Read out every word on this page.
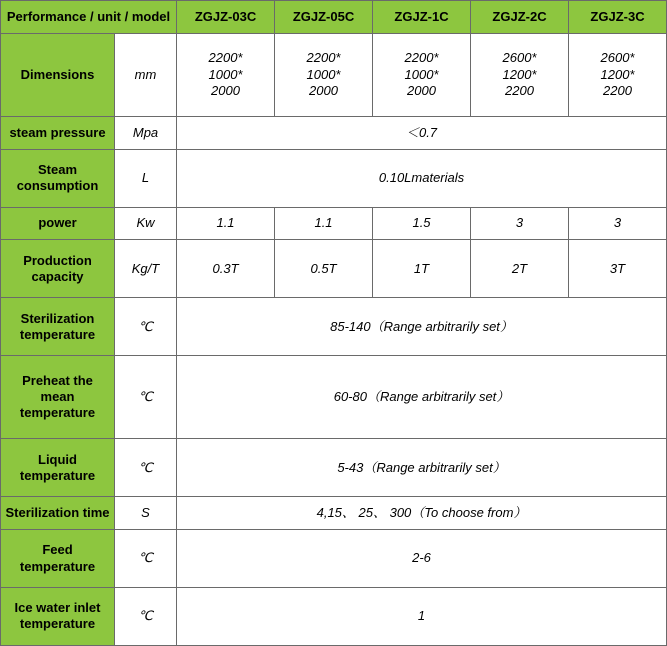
Performance / unit / model		ZGJZ-03C	ZGJZ-05C	ZGJZ-1C	ZGJZ-2C	ZGJZ-3C
Dimensions	mm	2200*
1000*
2000	2200*
1000*
2000	2200*
1000*
2000	2600*
1200*
2200	2600*
1200*
2200

steam pressure	Mpa	＜0.7				
Steam consumption	L	0.10Lmaterials				
power	Kw	1.1	1.1	1.5	3	3
Production capacity	Kg/T	0.3T	0.5T	1T	2T	3T
Sterilization temperature	℃	85-140（Range arbitrarily set）				
Preheat the mean temperature	℃	60-80（Range arbitrarily set）				
Liquid temperature	℃	5-43（Range arbitrarily set）				
Sterilization time	S	4,15、 25、 300（To choose from）				
Feed temperature	℃	2-6				
Ice water inlet temperature	℃	1				
